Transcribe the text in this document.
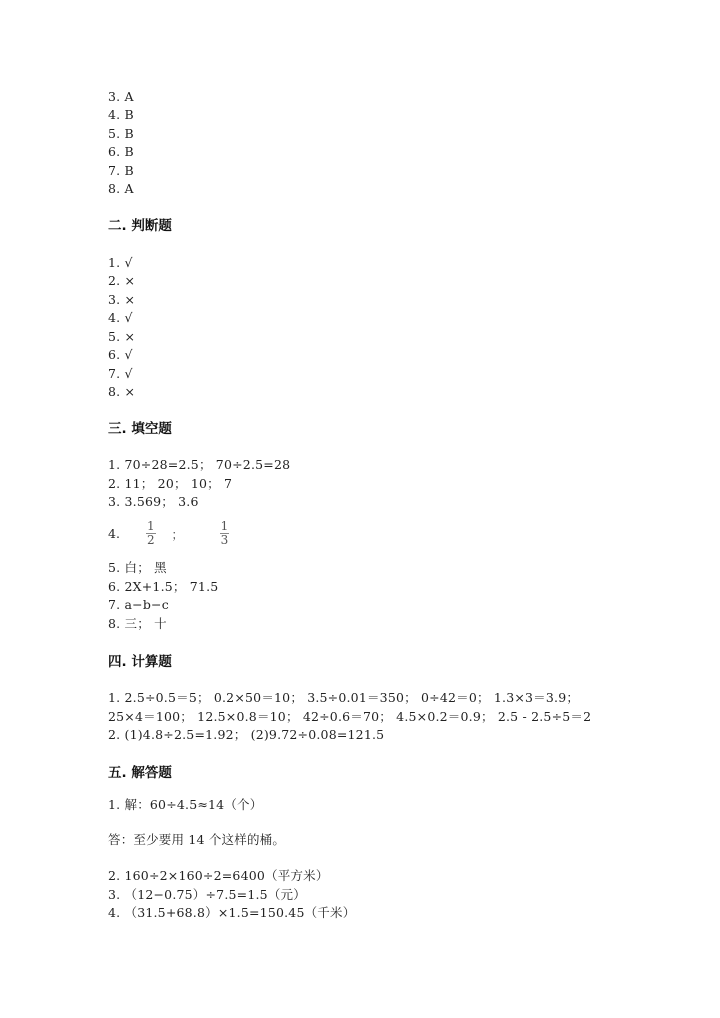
3. A
4. B
5. B
6. B
7. B
8. A
二. 判断题
1. √
2. ×
3. ×
4. √
5. ×
6. √
7. √
8. ×
三. 填空题
1. 70÷28=2.5； 70÷2.5=28
2. 11； 20； 10； 7
3. 3.569； 3.6
4. $\frac{1}{2}$ ；	$\frac{1}{3}$
5. 白； 黑
6. 2X+1.5； 71.5
7. a−b−c
8. 三； 十
四. 计算题
1. 2.5÷0.5＝5； 0.2×50＝10； 3.5÷0.01＝350； 0÷42＝0； 1.3×3＝3.9；
25×4＝100； 12.5×0.8＝10； 42÷0.6＝70； 4.5×0.2＝0.9； 2.5 - 2.5÷5＝2
2. (1)4.8÷2.5=1.92； (2)9.72÷0.08=121.5
五. 解答题
1. 解：60÷4.5≈14（个）
答：至少要用 14 个这样的桶。
2. 160÷2×160÷2=6400（平方米）
3. （12−0.75）÷7.5=1.5（元）
4. （31.5+68.8）×1.5=150.45（千米）
